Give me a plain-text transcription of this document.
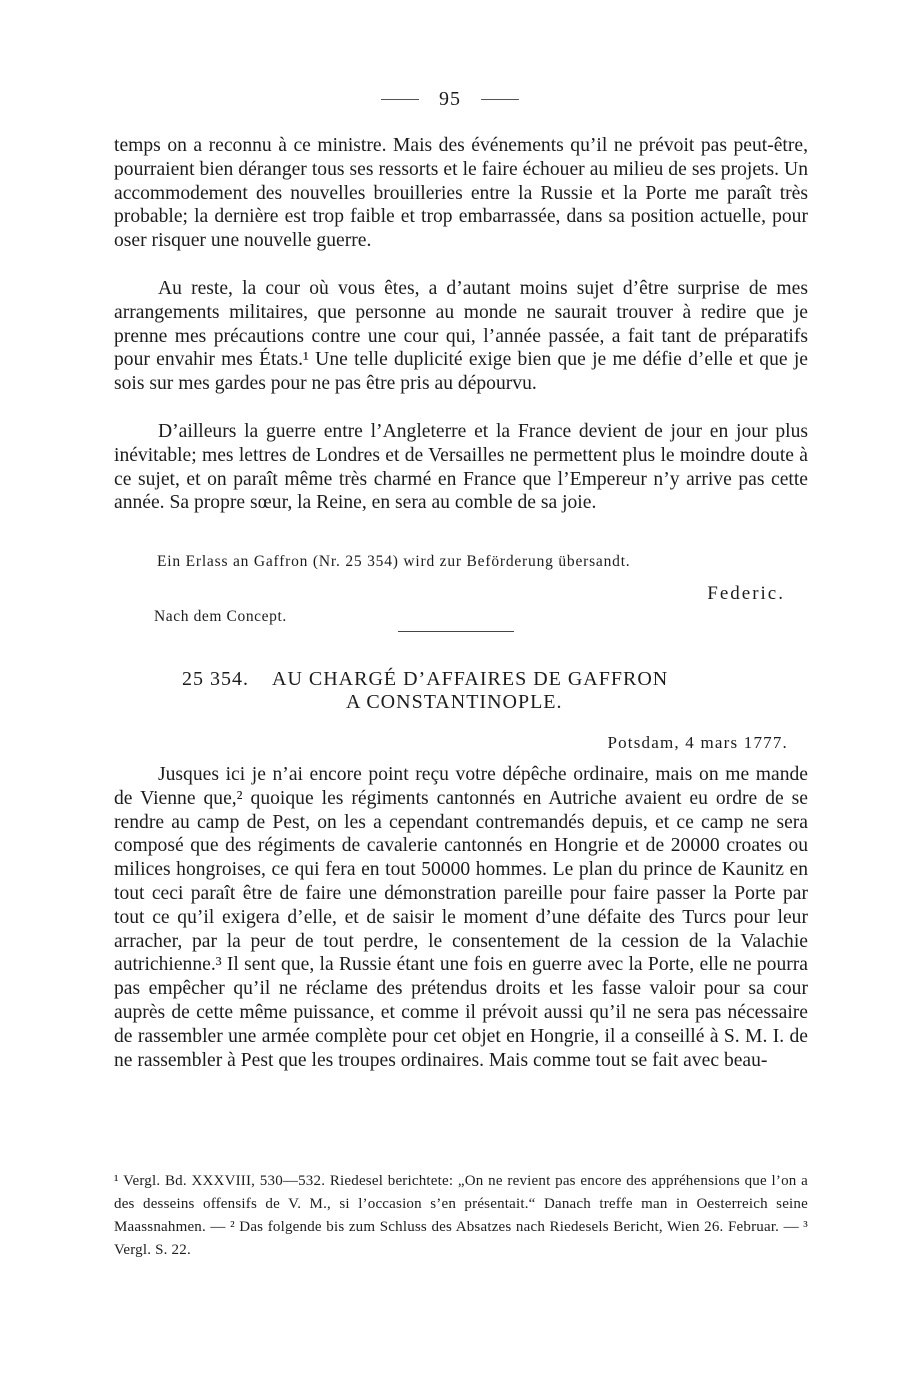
95

temps on a reconnu à ce ministre. Mais des événements qu’il ne prévoit pas peut-être, pourraient bien déranger tous ses ressorts et le faire échouer au milieu de ses projets. Un accommodement des nouvelles brouilleries entre la Russie et la Porte me paraît très probable; la dernière est trop faible et trop embarrassée, dans sa position actuelle, pour oser risquer une nouvelle guerre.

Au reste, la cour où vous êtes, a d’autant moins sujet d’être surprise de mes arrangements militaires, que personne au monde ne saurait trouver à redire que je prenne mes précautions contre une cour qui, l’année passée, a fait tant de préparatifs pour envahir mes États.¹ Une telle duplicité exige bien que je me défie d’elle et que je sois sur mes gardes pour ne pas être pris au dépourvu.

D’ailleurs la guerre entre l’Angleterre et la France devient de jour en jour plus inévitable; mes lettres de Londres et de Versailles ne permettent plus le moindre doute à ce sujet, et on paraît même très charmé en France que l’Empereur n’y arrive pas cette année. Sa propre sœur, la Reine, en sera au comble de sa joie.

Ein Erlass an Gaffron (Nr. 25 354) wird zur Beförderung übersandt.

Federic.

Nach dem Concept.

25 354. AU CHARGÉ D’AFFAIRES DE GAFFRON
A CONSTANTINOPLE.

Potsdam, 4 mars 1777.

Jusques ici je n’ai encore point reçu votre dépêche ordinaire, mais on me mande de Vienne que,² quoique les régiments cantonnés en Autriche avaient eu ordre de se rendre au camp de Pest, on les a cependant contremandés depuis, et ce camp ne sera composé que des régiments de cavalerie cantonnés en Hongrie et de 20000 croates ou milices hongroises, ce qui fera en tout 50000 hommes. Le plan du prince de Kaunitz en tout ceci paraît être de faire une démonstration pareille pour faire passer la Porte par tout ce qu’il exigera d’elle, et de saisir le moment d’une défaite des Turcs pour leur arracher, par la peur de tout perdre, le consentement de la cession de la Valachie autrichienne.³ Il sent que, la Russie étant une fois en guerre avec la Porte, elle ne pourra pas empêcher qu’il ne réclame des prétendus droits et les fasse valoir pour sa cour auprès de cette même puissance, et comme il prévoit aussi qu’il ne sera pas nécessaire de rassembler une armée complète pour cet objet en Hongrie, il a conseillé à S. M. I. de ne rassembler à Pest que les troupes ordinaires. Mais comme tout se fait avec beau-

¹ Vergl. Bd. XXXVIII, 530—532. Riedesel berichtete: „On ne revient pas encore des appréhensions que l’on a des desseins offensifs de V. M., si l’occasion s’en présentait.“ Danach treffe man in Oesterreich seine Maassnahmen. — ² Das folgende bis zum Schluss des Absatzes nach Riedesels Bericht, Wien 26. Februar. — ³ Vergl. S. 22.
